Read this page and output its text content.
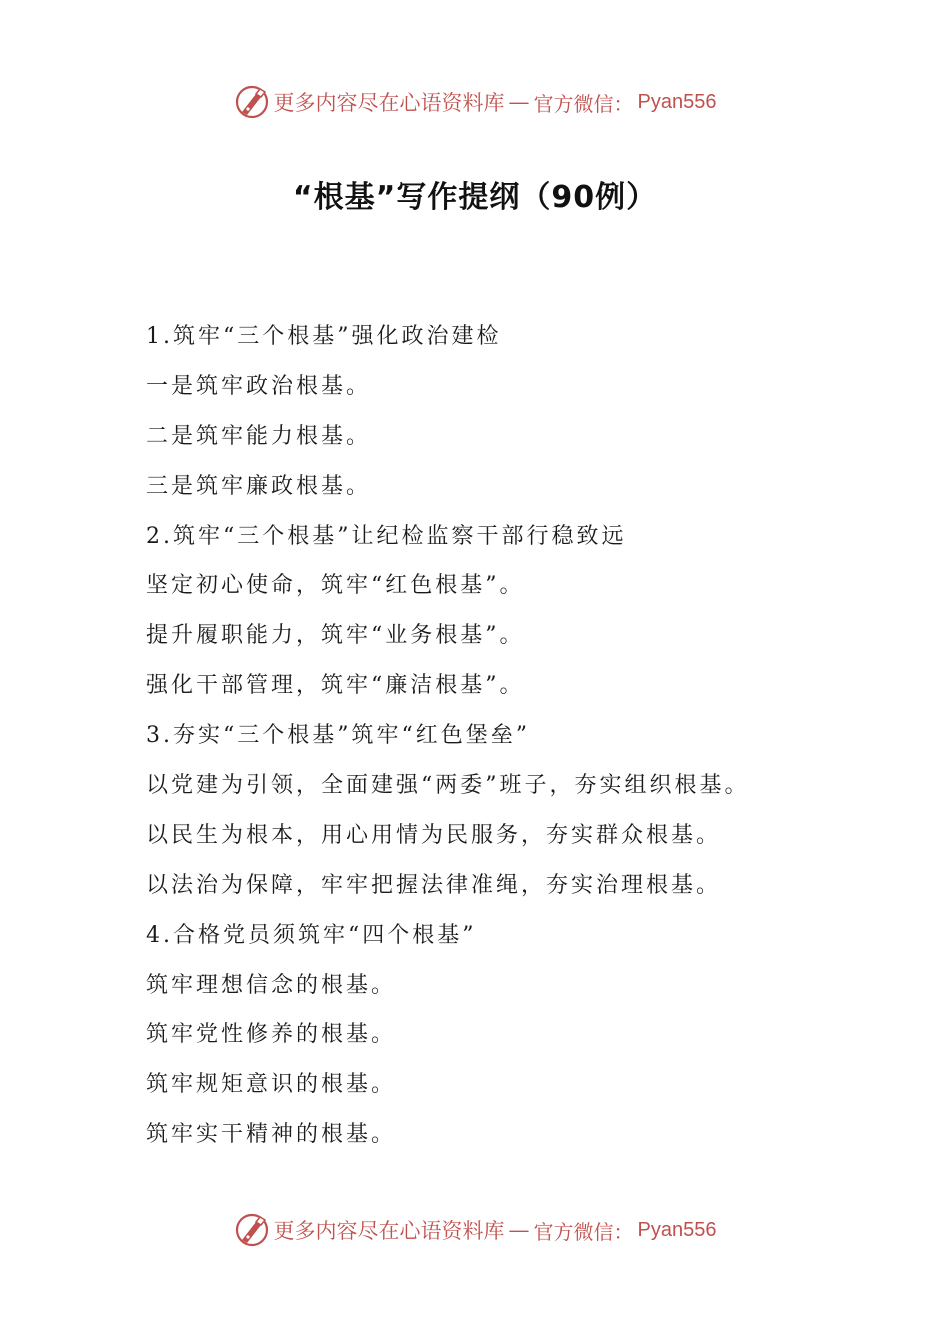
更多内容尽在心语资料库 — 官方微信： Pyan556
“根基”写作提纲（90例）
1.筑牢“三个根基”强化政治建检
一是筑牢政治根基。
二是筑牢能力根基。
三是筑牢廉政根基。
2.筑牢“三个根基”让纪检监察干部行稳致远
坚定初心使命，筑牢“红色根基”。
提升履职能力，筑牢“业务根基”。
强化干部管理，筑牢“廉洁根基”。
3.夯实“三个根基”筑牢“红色堡垒”
以党建为引领，全面建强“两委”班子，夯实组织根基。
以民生为根本，用心用情为民服务，夯实群众根基。
以法治为保障，牢牢把握法律准绳，夯实治理根基。
4.合格党员须筑牢“四个根基”
筑牢理想信念的根基。
筑牢党性修养的根基。
筑牢规矩意识的根基。
筑牢实干精神的根基。
更多内容尽在心语资料库 — 官方微信： Pyan556
